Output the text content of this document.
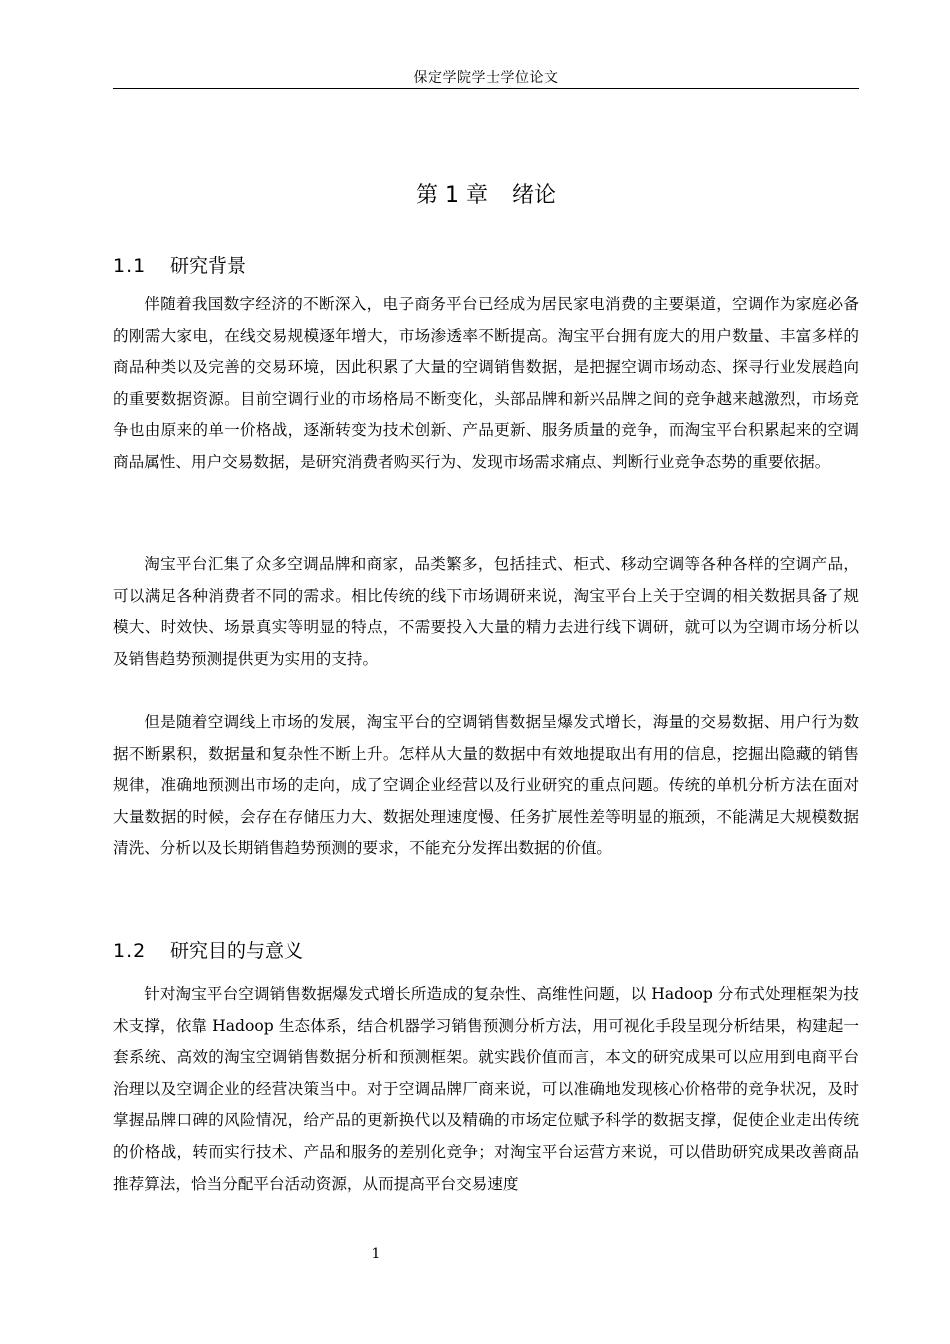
保定学院学士学位论文
第 1 章 绪论
1.1 研究背景

伴随着我国数字经济的不断深入，电子商务平台已经成为居民家电消费的主要渠道，空调作为家庭必备的刚需大家电，在线交易规模逐年增大，市场渗透率不断提高。淘宝平台拥有庞大的用户数量、丰富多样的商品种类以及完善的交易环境，因此积累了大量的空调销售数据，是把握空调市场动态、探寻行业发展趋向的重要数据资源。目前空调行业的市场格局不断变化，头部品牌和新兴品牌之间的竞争越来越激烈，市场竞争也由原来的单一价格战，逐渐转变为技术创新、产品更新、服务质量的竞争，而淘宝平台积累起来的空调商品属性、用户交易数据，是研究消费者购买行为、发现市场需求痛点、判断行业竞争态势的重要依据。

淘宝平台汇集了众多空调品牌和商家，品类繁多，包括挂式、柜式、移动空调等各种各样的空调产品，可以满足各种消费者不同的需求。相比传统的线下市场调研来说，淘宝平台上关于空调的相关数据具备了规模大、时效快、场景真实等明显的特点，不需要投入大量的精力去进行线下调研，就可以为空调市场分析以及销售趋势预测提供更为实用的支持。

但是随着空调线上市场的发展，淘宝平台的空调销售数据呈爆发式增长，海量的交易数据、用户行为数据不断累积，数据量和复杂性不断上升。怎样从大量的数据中有效地提取出有用的信息，挖掘出隐藏的销售规律，准确地预测出市场的走向，成了空调企业经营以及行业研究的重点问题。传统的单机分析方法在面对大量数据的时候，会存在存储压力大、数据处理速度慢、任务扩展性差等明显的瓶颈，不能满足大规模数据清洗、分析以及长期销售趋势预测的要求，不能充分发挥出数据的价值。

1.2 研究目的与意义

针对淘宝平台空调销售数据爆发式增长所造成的复杂性、高维性问题，以 Hadoop 分布式处理框架为技术支撑，依靠 Hadoop 生态体系，结合机器学习销售预测分析方法，用可视化手段呈现分析结果，构建起一套系统、高效的淘宝空调销售数据分析和预测框架。就实践价值而言，本文的研究成果可以应用到电商平台治理以及空调企业的经营决策当中。对于空调品牌厂商来说，可以准确地发现核心价格带的竞争状况，及时掌握品牌口碑的风险情况，给产品的更新换代以及精确的市场定位赋予科学的数据支撑，促使企业走出传统的价格战，转而实行技术、产品和服务的差别化竞争；对淘宝平台运营方来说，可以借助研究成果改善商品推荐算法，恰当分配平台活动资源，从而提高平台交易速度

1
